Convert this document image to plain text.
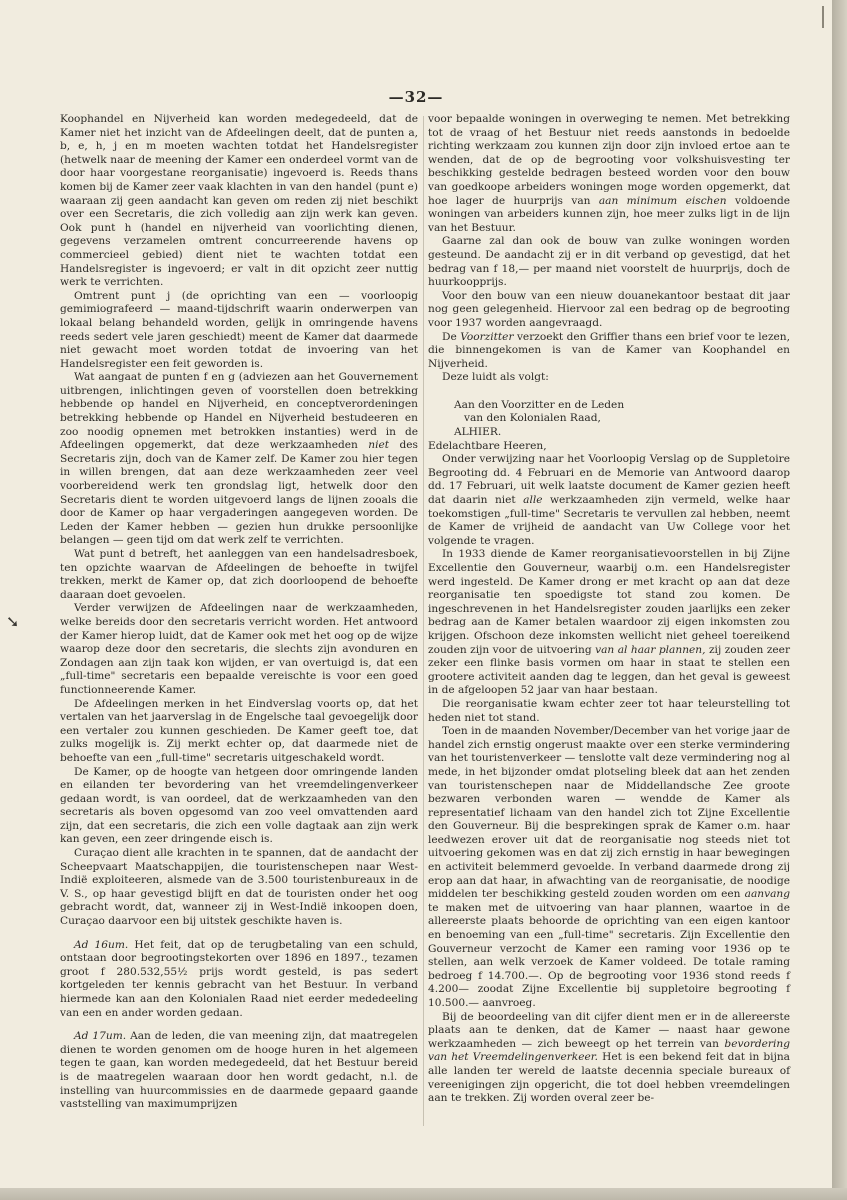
—32—

Koophandel en Nijverheid kan worden medegedeeld, dat de Kamer niet het inzicht van de Afdeelingen deelt, dat de punten a, b, e, h, j en m moeten wachten totdat het Handelsregister (hetwelk naar de meening der Kamer een onderdeel vormt van de door haar voorgestane reorganisatie) ingevoerd is. Reeds thans komen bij de Kamer zeer vaak klachten in van den handel (punt e) waaraan zij geen aandacht kan geven om reden zij niet beschikt over een Secretaris, die zich volledig aan zijn werk kan geven. Ook punt h (handel en nijverheid van voorlichting dienen, gegevens verzamelen omtrent concurreerende havens op commercieel gebied) dient niet te wachten totdat een Handelsregister is ingevoerd; er valt in dit opzicht zeer nuttig werk te verrichten.

Omtrent punt j (de oprichting van een — voorloopig gemimiografeerd — maand-tijdschrift waarin onderwerpen van lokaal belang behandeld worden, gelijk in omringende havens reeds sedert vele jaren geschiedt) meent de Kamer dat daarmede niet gewacht moet worden totdat de invoering van het Handelsregister een feit geworden is.

Wat aangaat de punten f en g (adviezen aan het Gouvernement uitbrengen, inlichtingen geven of voorstellen doen betrekking hebbende op handel en Nijverheid, en conceptverordeningen betrekking hebbende op Handel en Nijverheid bestudeeren en zoo noodig opnemen met betrokken instanties) werd in de Afdeelingen opgemerkt, dat deze werkzaamheden niet des Secretaris zijn, doch van de Kamer zelf. De Kamer zou hier tegen in willen brengen, dat aan deze werkzaamheden zeer veel voorbereidend werk ten grondslag ligt, hetwelk door den Secretaris dient te worden uitgevoerd langs de lijnen zooals die door de Kamer op haar vergaderingen aangegeven worden. De Leden der Kamer hebben — gezien hun drukke persoonlijke belangen — geen tijd om dat werk zelf te verrichten.

Wat punt d betreft, het aanleggen van een handelsadresboek, ten opzichte waarvan de Afdeelingen de behoefte in twijfel trekken, merkt de Kamer op, dat zich doorloopend de behoefte daaraan doet gevoelen.

Verder verwijzen de Afdeelingen naar de werkzaamheden, welke bereids door den secretaris verricht worden. Het antwoord der Kamer hierop luidt, dat de Kamer ook met het oog op de wijze waarop deze door den secretaris, die slechts zijn avonduren en Zondagen aan zijn taak kon wijden, er van overtuigd is, dat een „full-time" secretaris een bepaalde vereischte is voor een goed functionneerende Kamer.

De Afdeelingen merken in het Eindverslag voorts op, dat het vertalen van het jaarverslag in de Engelsche taal gevoegelijk door een vertaler zou kunnen geschieden. De Kamer geeft toe, dat zulks mogelijk is. Zij merkt echter op, dat daarmede niet de behoefte van een „full-time" secretaris uitgeschakeld wordt.

De Kamer, op de hoogte van hetgeen door omringende landen en eilanden ter bevordering van het vreemdelingenverkeer gedaan wordt, is van oordeel, dat de werkzaamheden van den secretaris als boven opgesomd van zoo veel omvattenden aard zijn, dat een secretaris, die zich een volle dagtaak aan zijn werk kan geven, een zeer dringende eisch is.

Curaçao dient alle krachten in te spannen, dat de aandacht der Scheepvaart Maatschappijen, die touristenschepen naar West-Indië exploiteeren, alsmede van de 3.500 touristenbureaux in de V. S., op haar gevestigd blijft en dat de touristen onder het oog gebracht wordt, dat, wanneer zij in West-Indië inkoopen doen, Curaçao daarvoor een bij uitstek geschikte haven is.

Ad 16um. Het feit, dat op de terugbetaling van een schuld, ontstaan door begrootingstekorten over 1896 en 1897., tezamen groot f 280.532,55½ prijs wordt gesteld, is pas sedert kortgeleden ter kennis gebracht van het Bestuur. In verband hiermede kan aan den Kolonialen Raad niet eerder mededeeling van een en ander worden gedaan.

Ad 17um. Aan de leden, die van meening zijn, dat maatregelen dienen te worden genomen om de hooge huren in het algemeen tegen te gaan, kan worden medegedeeld, dat het Bestuur bereid is de maatregelen waaraan door hen wordt gedacht, n.l. de instelling van huurcommissies en de daarmede gepaard gaande vaststelling van maximumprijzen

voor bepaalde woningen in overweging te nemen. Met betrekking tot de vraag of het Bestuur niet reeds aanstonds in bedoelde richting werkzaam zou kunnen zijn door zijn invloed ertoe aan te wenden, dat de op de begrooting voor volkshuisvesting ter beschikking gestelde bedragen besteed worden voor den bouw van goedkoope arbeiders woningen moge worden opgemerkt, dat hoe lager de huurprijs van aan minimum eischen voldoende woningen van arbeiders kunnen zijn, hoe meer zulks ligt in de lijn van het Bestuur.

Gaarne zal dan ook de bouw van zulke woningen worden gesteund. De aandacht zij er in dit verband op gevestigd, dat het bedrag van f 18,— per maand niet voorstelt de huurprijs, doch de huurkoopprijs.

Voor den bouw van een nieuw douanekantoor bestaat dit jaar nog geen gelegenheid. Hiervoor zal een bedrag op de begrooting voor 1937 worden aangevraagd.

De Voorzitter verzoekt den Griffier thans een brief voor te lezen, die binnengekomen is van de Kamer van Koophandel en Nijverheid.

Deze luidt als volgt:

Aan den Voorzitter en de Leden

van den Kolonialen Raad,

ALHIER.

Edelachtbare Heeren,

Onder verwijzing naar het Voorloopig Verslag op de Suppletoire Begrooting dd. 4 Februari en de Memorie van Antwoord daarop dd. 17 Februari, uit welk laatste document de Kamer gezien heeft dat daarin niet alle werkzaamheden zijn vermeld, welke haar toekomstigen „full-time" Secretaris te vervullen zal hebben, neemt de Kamer de vrijheid de aandacht van Uw College voor het volgende te vragen.

In 1933 diende de Kamer reorganisatievoorstellen in bij Zijne Excellentie den Gouverneur, waarbij o.m. een Handelsregister werd ingesteld. De Kamer drong er met kracht op aan dat deze reorganisatie ten spoedigste tot stand zou komen. De ingeschrevenen in het Handelsregister zouden jaarlijks een zeker bedrag aan de Kamer betalen waardoor zij eigen inkomsten zou krijgen. Ofschoon deze inkomsten wellicht niet geheel toereikend zouden zijn voor de uitvoering van al haar plannen, zij zouden zeer zeker een flinke basis vormen om haar in staat te stellen een grootere activiteit aanden dag te leggen, dan het geval is geweest in de afgeloopen 52 jaar van haar bestaan.

Die reorganisatie kwam echter zeer tot haar teleurstelling tot heden niet tot stand.

Toen in de maanden November/December van het vorige jaar de handel zich ernstig ongerust maakte over een sterke vermindering van het touristenverkeer — tenslotte valt deze vermindering nog al mede, in het bijzonder omdat plotseling bleek dat aan het zenden van touristenschepen naar de Middellandsche Zee groote bezwaren verbonden waren — wendde de Kamer als representatief lichaam van den handel zich tot Zijne Excellentie den Gouverneur. Bij die besprekingen sprak de Kamer o.m. haar leedwezen erover uit dat de reorganisatie nog steeds niet tot uitvoering gekomen was en dat zij zich ernstig in haar bewegingen en activiteit belemmerd gevoelde. In verband daarmede drong zij erop aan dat haar, in afwachting van de reorganisatie, de noodige middelen ter beschikking gesteld zouden worden om een aanvang te maken met de uitvoering van haar plannen, waartoe in de allereerste plaats behoorde de oprichting van een eigen kantoor en benoeming van een „full-time" secretaris. Zijn Excellentie den Gouverneur verzocht de Kamer een raming voor 1936 op te stellen, aan welk verzoek de Kamer voldeed. De totale raming bedroeg f 14.700.—. Op de begrooting voor 1936 stond reeds f 4.200— zoodat Zijne Excellentie bij suppletoire begrooting f 10.500.— aanvroeg.

Bij de beoordeeling van dit cijfer dient men er in de allereerste plaats aan te denken, dat de Kamer — naast haar gewone werkzaamheden — zich beweegt op het terrein van bevordering van het Vreemdelingenverkeer. Het is een bekend feit dat in bijna alle landen ter wereld de laatste decennia speciale bureaux of vereenigingen zijn opgericht, die tot doel hebben vreemdelingen aan te trekken. Zij worden overal zeer be-

➘
